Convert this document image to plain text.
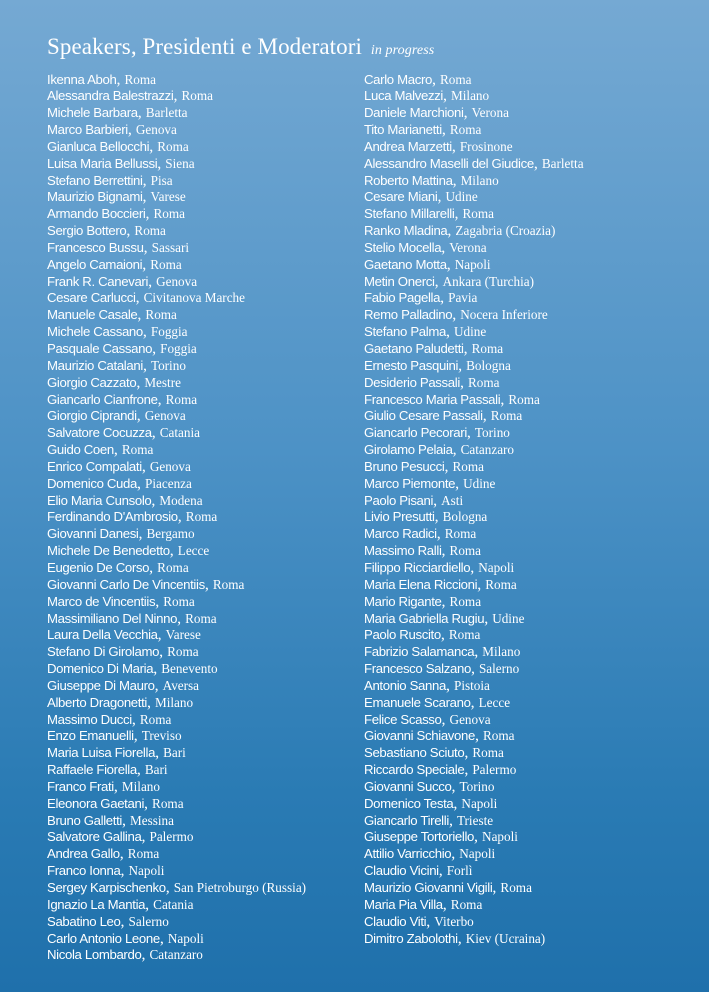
Speakers, Presidenti e Moderatori in progress
Ikenna Aboh, Roma
Alessandra Balestrazzi, Roma
Michele Barbara, Barletta
Marco Barbieri, Genova
Gianluca Bellocchi, Roma
Luisa Maria Bellussi, Siena
Stefano Berrettini, Pisa
Maurizio Bignami, Varese
Armando Boccieri, Roma
Sergio Bottero, Roma
Francesco Bussu, Sassari
Angelo Camaioni, Roma
Frank R. Canevari, Genova
Cesare Carlucci, Civitanova Marche
Manuele Casale, Roma
Michele Cassano, Foggia
Pasquale Cassano, Foggia
Maurizio Catalani, Torino
Giorgio Cazzato, Mestre
Giancarlo Cianfrone, Roma
Giorgio Ciprandi, Genova
Salvatore Cocuzza, Catania
Guido Coen, Roma
Enrico Compalati, Genova
Domenico Cuda, Piacenza
Elio Maria Cunsolo, Modena
Ferdinando D'Ambrosio, Roma
Giovanni Danesi, Bergamo
Michele De Benedetto, Lecce
Eugenio De Corso, Roma
Giovanni Carlo De Vincentiis, Roma
Marco de Vincentiis, Roma
Massimiliano Del Ninno, Roma
Laura Della Vecchia, Varese
Stefano Di Girolamo, Roma
Domenico Di Maria, Benevento
Giuseppe Di Mauro, Aversa
Alberto Dragonetti, Milano
Massimo Ducci, Roma
Enzo Emanuelli, Treviso
Maria Luisa Fiorella, Bari
Raffaele Fiorella, Bari
Franco Frati, Milano
Eleonora Gaetani, Roma
Bruno Galletti, Messina
Salvatore Gallina, Palermo
Andrea Gallo, Roma
Franco Ionna, Napoli
Sergey Karpischenko, San Pietroburgo (Russia)
Ignazio La Mantia, Catania
Sabatino Leo, Salerno
Carlo Antonio Leone, Napoli
Nicola Lombardo, Catanzaro
Carlo Macro, Roma
Luca Malvezzi, Milano
Daniele Marchioni, Verona
Tito Marianetti, Roma
Andrea Marzetti, Frosinone
Alessandro Maselli del Giudice, Barletta
Roberto Mattina, Milano
Cesare Miani, Udine
Stefano Millarelli, Roma
Ranko Mladina, Zagabria (Croazia)
Stelio Mocella, Verona
Gaetano Motta, Napoli
Metin Onerci, Ankara (Turchia)
Fabio Pagella, Pavia
Remo Palladino, Nocera Inferiore
Stefano Palma, Udine
Gaetano Paludetti, Roma
Ernesto Pasquini, Bologna
Desiderio Passali, Roma
Francesco Maria Passali, Roma
Giulio Cesare Passali, Roma
Giancarlo Pecorari, Torino
Girolamo Pelaia, Catanzaro
Bruno Pesucci, Roma
Marco Piemonte, Udine
Paolo Pisani, Asti
Livio Presutti, Bologna
Marco Radici, Roma
Massimo Ralli, Roma
Filippo Ricciardiello, Napoli
Maria Elena Riccioni, Roma
Mario Rigante, Roma
Maria Gabriella Rugiu, Udine
Paolo Ruscito, Roma
Fabrizio Salamanca, Milano
Francesco Salzano, Salerno
Antonio Sanna, Pistoia
Emanuele Scarano, Lecce
Felice Scasso, Genova
Giovanni Schiavone, Roma
Sebastiano Sciuto, Roma
Riccardo Speciale, Palermo
Giovanni Succo, Torino
Domenico Testa, Napoli
Giancarlo Tirelli, Trieste
Giuseppe Tortoriello, Napoli
Attilio Varricchio, Napoli
Claudio Vicini, Forlì
Maurizio Giovanni Vigili, Roma
Maria Pia Villa, Roma
Claudio Viti, Viterbo
Dimitro Zabolothi, Kiev (Ucraina)
